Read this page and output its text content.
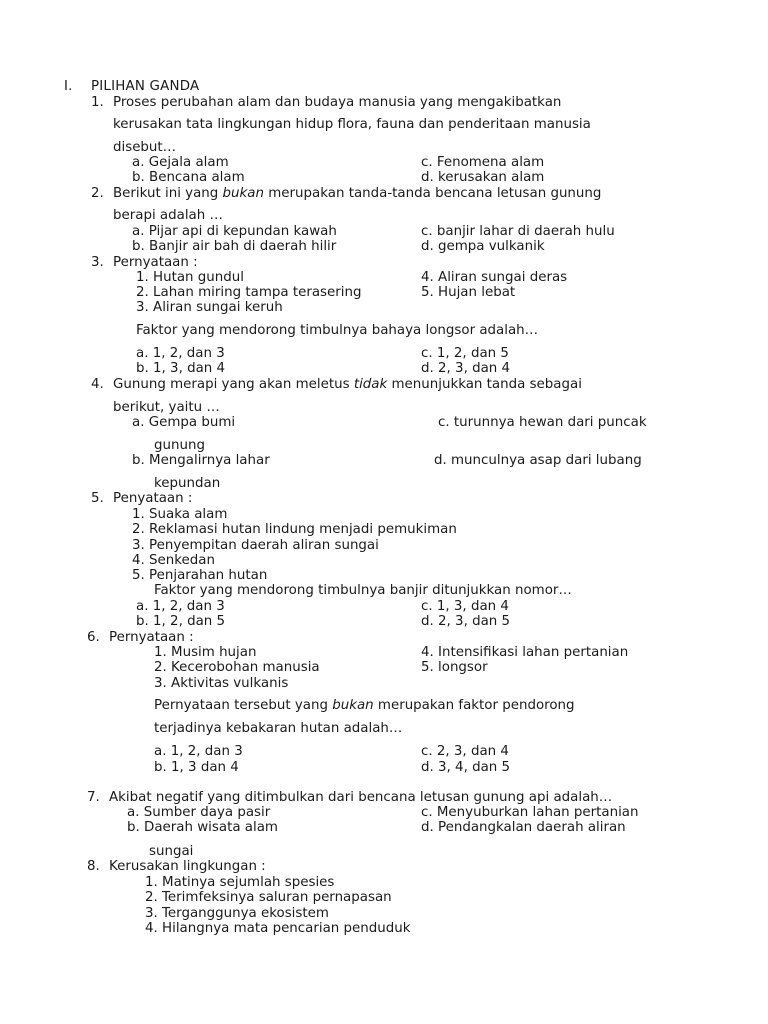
I. PILIHAN GANDA
1. Proses perubahan alam dan budaya manusia yang mengakibatkan
kerusakan tata lingkungan hidup flora, fauna dan penderitaan manusia
disebut…
a. Gejala alam
b. Bencana alam
c. Fenomena alam
d. kerusakan alam
2. Berikut ini yang bukan merupakan tanda-tanda bencana letusan gunung
berapi adalah …
a. Pijar api di kepundan kawah
b. Banjir air bah di daerah hilir
c. banjir lahar di daerah hulu
d. gempa vulkanik
3. Pernyataan :
1. Hutan gundul
2. Lahan miring tampa terasering
3. Aliran sungai keruh
4. Aliran sungai deras
5. Hujan lebat
Faktor yang mendorong timbulnya bahaya longsor adalah…
a. 1, 2, dan 3
b. 1, 3, dan 4
c. 1, 2, dan 5
d. 2, 3, dan 4
4. Gunung merapi yang akan meletus tidak menunjukkan tanda sebagai
berikut, yaitu …
a. Gempa bumi	c. turunnya hewan dari puncak
gunung
b. Mengalirnya lahar	d. munculnya asap dari lubang
kepundan
5. Penyataan :
1. Suaka alam
2. Reklamasi hutan lindung menjadi pemukiman
3. Penyempitan daerah aliran sungai
4. Senkedan
5. Penjarahan hutan
Faktor yang mendorong timbulnya banjir ditunjukkan nomor…
a. 1, 2, dan 3
b. 1, 2, dan 5
c. 1, 3, dan 4
d. 2, 3, dan 5
6. Pernyataan :
1. Musim hujan
2. Kecerobohan manusia
3. Aktivitas vulkanis
4. Intensifikasi lahan pertanian
5. longsor
Pernyataan tersebut yang bukan merupakan faktor pendorong
terjadinya kebakaran hutan adalah…
a. 1, 2, dan 3
b. 1, 3 dan 4
c. 2, 3, dan 4
d. 3, 4, dan 5
7. Akibat negatif yang ditimbulkan dari bencana letusan gunung api adalah…
a. Sumber daya pasir
b. Daerah wisata alam
c. Menyuburkan lahan pertanian
d. Pendangkalan daerah aliran
sungai
8. Kerusakan lingkungan :
1. Matinya sejumlah spesies
2. Terimfeksinya saluran pernapasan
3. Terganggunya ekosistem
4. Hilangnya mata pencarian penduduk
